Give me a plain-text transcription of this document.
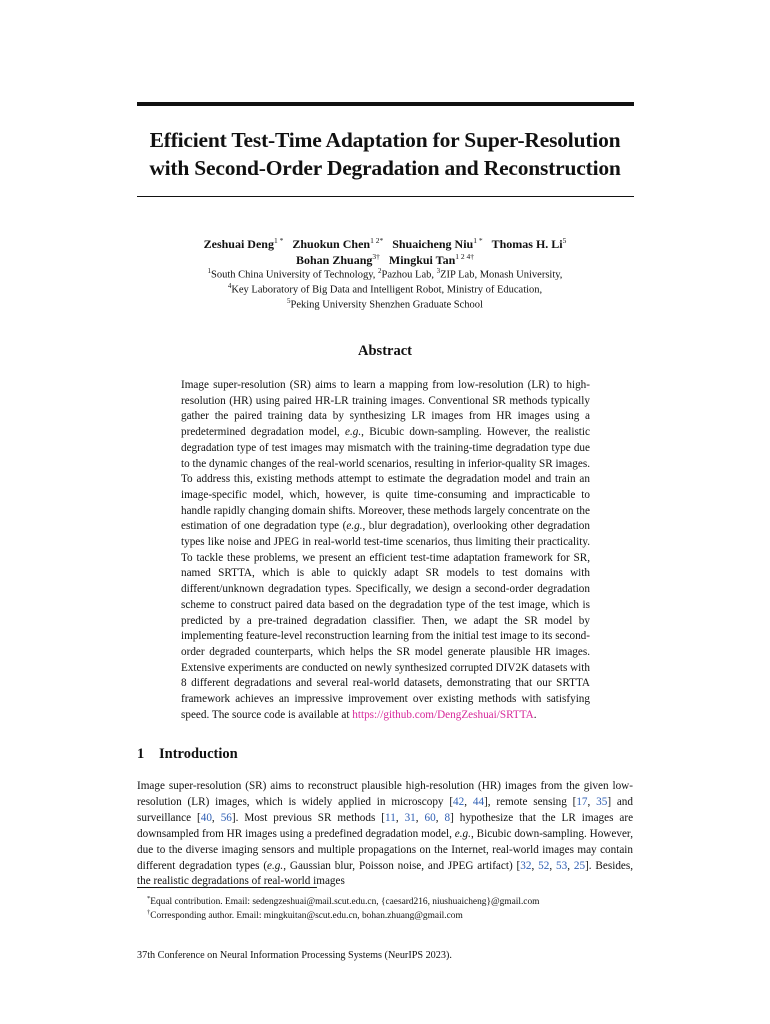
Efficient Test-Time Adaptation for Super-Resolution
with Second-Order Degradation and Reconstruction
Zeshuai Deng$^{1 *}$ Zhuokun Chen$^{1 2*}$ Shuaicheng Niu$^{1 *}$ Thomas H. Li$^5$
Bohan Zhuang$^{3\dagger}$ Mingkui Tan$^{1 2 4\dagger}$
$^1$South China University of Technology, $^2$Pazhou Lab, $^3$ZIP Lab, Monash University,
$^4$Key Laboratory of Big Data and Intelligent Robot, Ministry of Education,
$^5$Peking University Shenzhen Graduate School
Abstract
Image super-resolution (SR) aims to learn a mapping from low-resolution (LR) to high-resolution (HR) using paired HR-LR training images. Conventional SR methods typically gather the paired training data by synthesizing LR images from HR images using a predetermined degradation model, e.g., Bicubic down-sampling. However, the realistic degradation type of test images may mismatch with the training-time degradation type due to the dynamic changes of the real-world scenarios, resulting in inferior-quality SR images. To address this, existing methods attempt to estimate the degradation model and train an image-specific model, which, however, is quite time-consuming and impracticable to handle rapidly changing domain shifts. Moreover, these methods largely concentrate on the estimation of one degradation type (e.g., blur degradation), overlooking other degradation types like noise and JPEG in real-world test-time scenarios, thus limiting their practicality. To tackle these problems, we present an efficient test-time adaptation framework for SR, named SRTTA, which is able to quickly adapt SR models to test domains with different/unknown degradation types. Specifically, we design a second-order degradation scheme to construct paired data based on the degradation type of the test image, which is predicted by a pre-trained degradation classifier. Then, we adapt the SR model by implementing feature-level reconstruction learning from the initial test image to its second-order degraded counterparts, which helps the SR model generate plausible HR images. Extensive experiments are conducted on newly synthesized corrupted DIV2K datasets with 8 different degradations and several real-world datasets, demonstrating that our SRTTA framework achieves an impressive improvement over existing methods with satisfying speed. The source code is available at https://github.com/DengZeshuai/SRTTA.
1 Introduction
Image super-resolution (SR) aims to reconstruct plausible high-resolution (HR) images from the given low-resolution (LR) images, which is widely applied in microscopy [42, 44], remote sensing [17, 35] and surveillance [40, 56]. Most previous SR methods [11, 31, 60, 8] hypothesize that the LR images are downsampled from HR images using a predefined degradation model, e.g., Bicubic down-sampling. However, due to the diverse imaging sensors and multiple propagations on the Internet, real-world images may contain different degradation types (e.g., Gaussian blur, Poisson noise, and JPEG artifact) [32, 52, 53, 25]. Besides, the realistic degradations of real-world images
*Equal contribution. Email: sedengzeshuai@mail.scut.edu.cn, {caesard216, niushuaicheng}@gmail.com
†Corresponding author. Email: mingkuitan@scut.edu.cn, bohan.zhuang@gmail.com
37th Conference on Neural Information Processing Systems (NeurIPS 2023).
